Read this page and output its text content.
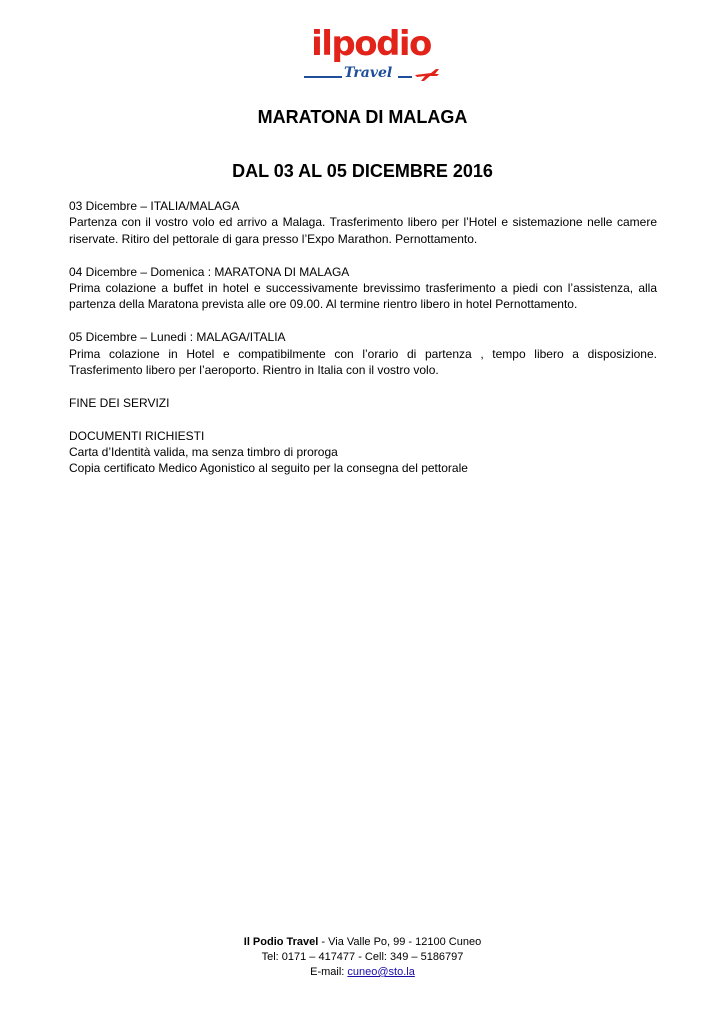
ilpodio
Travel
MARATONA DI MALAGA
DAL 03 AL 05 DICEMBRE 2016

03 Dicembre – ITALIA/MALAGA

Partenza con il vostro volo ed arrivo a Malaga. Trasferimento libero per l’Hotel e sistemazione nelle camere riservate. Ritiro del pettorale di gara presso l’Expo Marathon. Pernottamento.

04 Dicembre – Domenica : MARATONA DI MALAGA

Prima colazione a buffet in hotel e successivamente brevissimo trasferimento a piedi con l’assistenza, alla partenza della Maratona prevista alle ore 09.00. Al termine rientro libero in hotel Pernottamento.

05 Dicembre – Lunedi : MALAGA/ITALIA

Prima colazione in Hotel e compatibilmente con l’orario di partenza , tempo libero a disposizione. Trasferimento libero per l’aeroporto. Rientro in Italia con il vostro volo.

FINE DEI SERVIZI

DOCUMENTI RICHIESTI

Carta d’Identità valida, ma senza timbro di proroga

Copia certificato Medico Agonistico al seguito per la consegna del pettorale

Il Podio Travel - Via Valle Po, 99 - 12100 Cuneo
Tel: 0171 – 417477 - Cell: 349 – 5186797
E-mail: cuneo@sto.la
